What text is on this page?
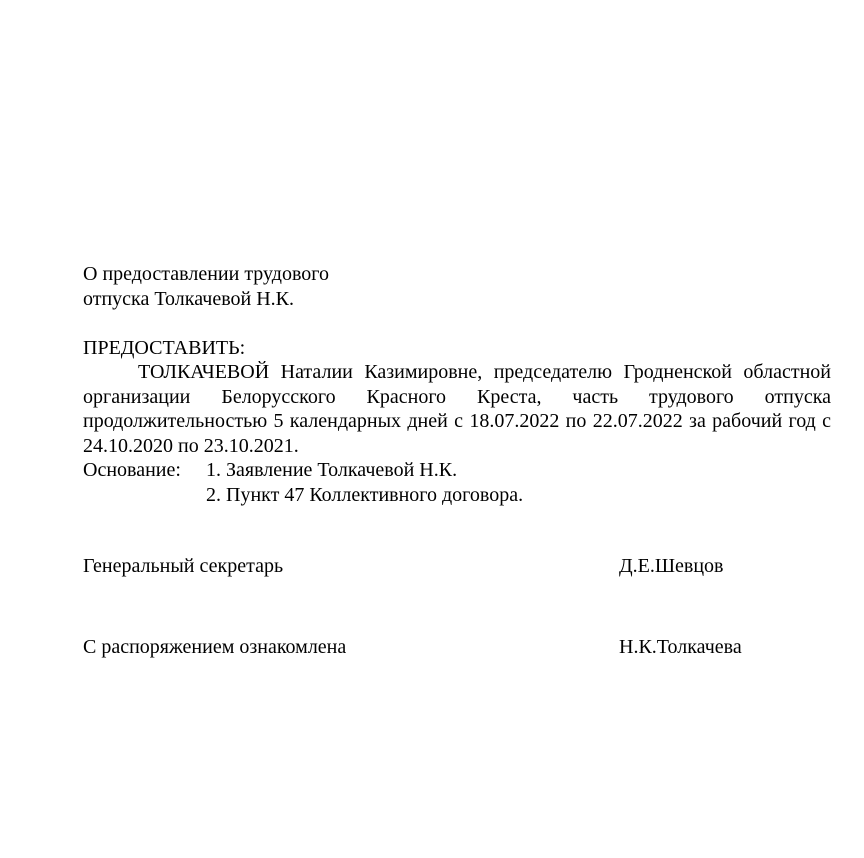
О предоставлении трудового
отпуска Толкачевой Н.К.
ПРЕДОСТАВИТЬ:

ТОЛКАЧЕВОЙ Наталии Казимировне, председателю Гродненской областной организации Белорусского Красного Креста, часть трудового отпуска продолжительностью 5 календарных дней с 18.07.2022 по 22.07.2022 за рабочий год с 24.10.2020 по 23.10.2021.

Основание:	1. Заявление Толкачевой Н.К.
2. Пункт 47 Коллективного договора.
Генеральный секретарь	Д.Е.Шевцов
С распоряжением ознакомлена	Н.К.Толкачева
